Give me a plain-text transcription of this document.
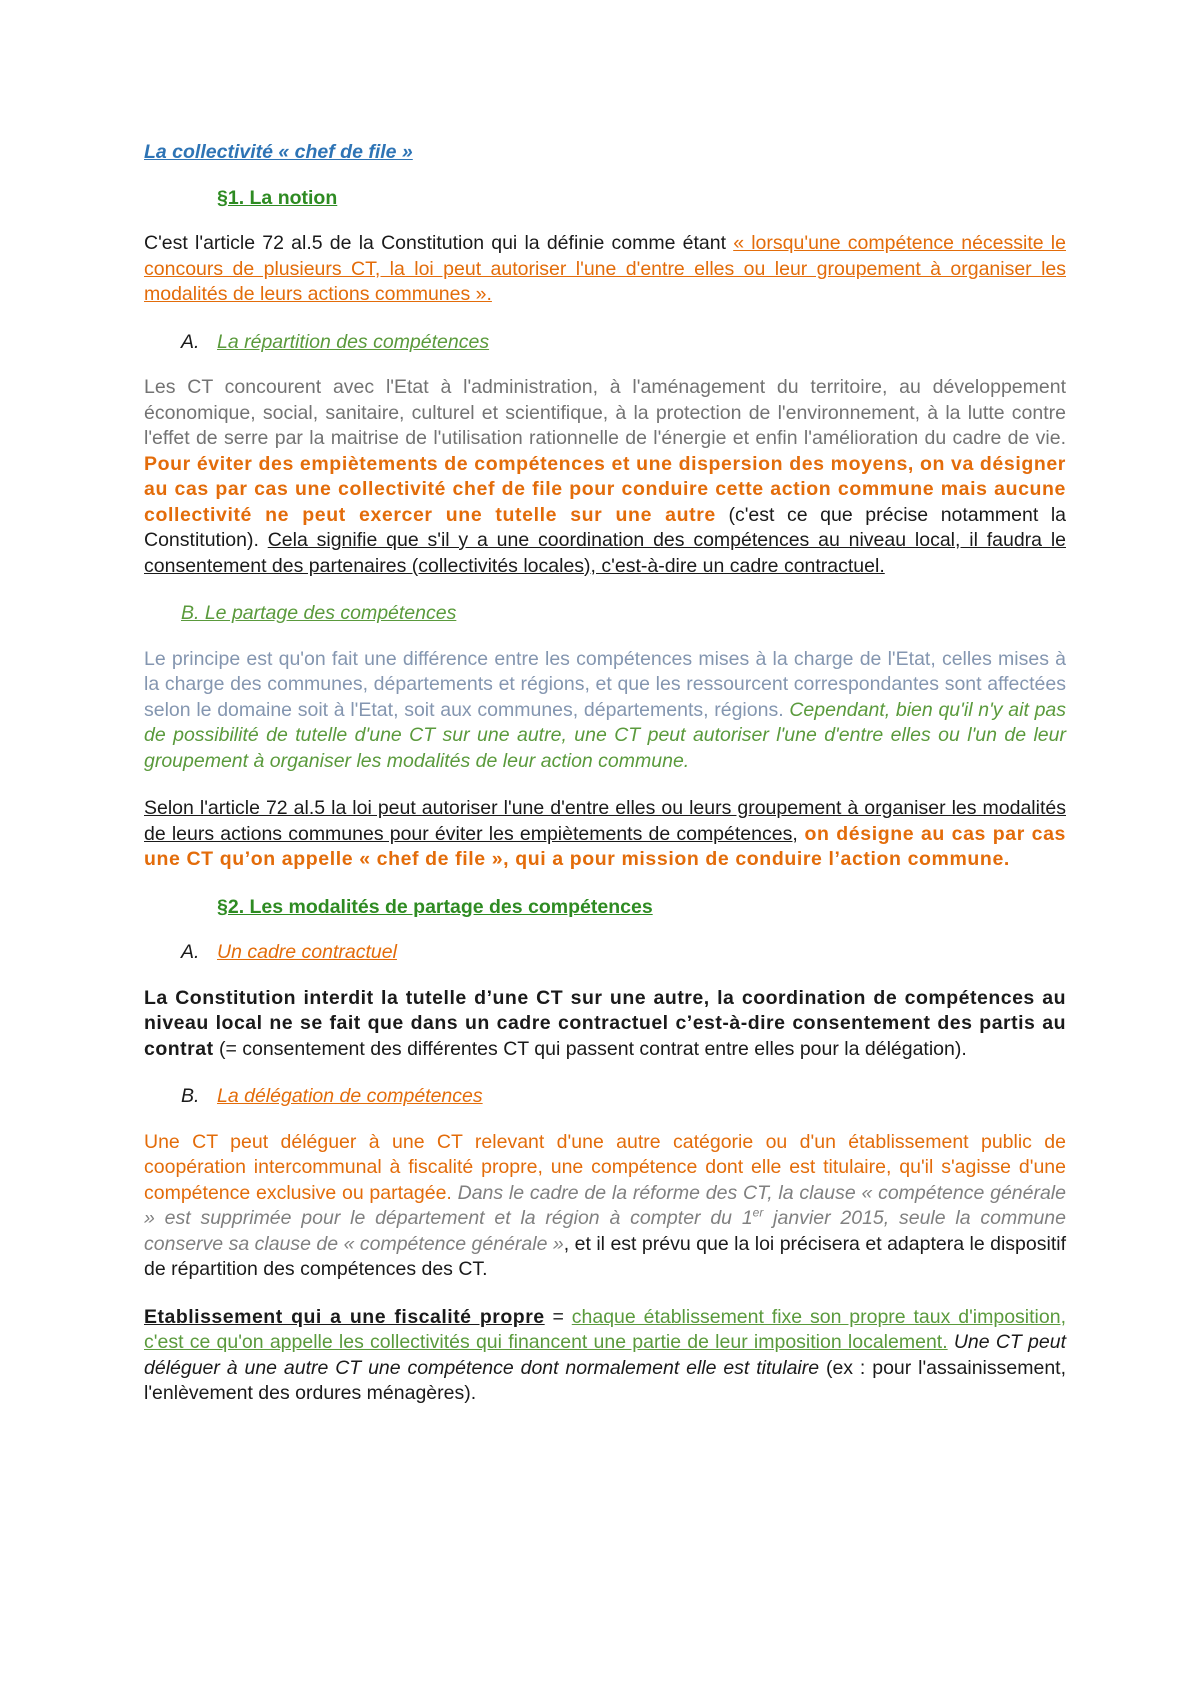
La collectivité « chef de file »

§1. La notion

C'est l'article 72 al.5 de la Constitution qui la définie comme étant « lorsqu'une compétence nécessite le concours de plusieurs CT, la loi peut autoriser l'une d'entre elles ou leur groupement à organiser les modalités de leurs actions communes ».

A. La répartition des compétences

Les CT concourent avec l'Etat à l'administration, à l'aménagement du territoire, au développement économique, social, sanitaire, culturel et scientifique, à la protection de l'environnement, à la lutte contre l'effet de serre par la maitrise de l'utilisation rationnelle de l'énergie et enfin l'amélioration du cadre de vie. Pour éviter des empiètements de compétences et une dispersion des moyens, on va désigner au cas par cas une collectivité chef de file pour conduire cette action commune mais aucune collectivité ne peut exercer une tutelle sur une autre (c'est ce que précise notamment la Constitution). Cela signifie que s'il y a une coordination des compétences au niveau local, il faudra le consentement des partenaires (collectivités locales), c'est-à-dire un cadre contractuel.

B. Le partage des compétences

Le principe est qu'on fait une différence entre les compétences mises à la charge de l'Etat, celles mises à la charge des communes, départements et régions, et que les ressourcent correspondantes sont affectées selon le domaine soit à l'Etat, soit aux communes, départements, régions. Cependant, bien qu'il n'y ait pas de possibilité de tutelle d'une CT sur une autre, une CT peut autoriser l'une d'entre elles ou l'un de leur groupement à organiser les modalités de leur action commune.

Selon l'article 72 al.5 la loi peut autoriser l'une d'entre elles ou leurs groupement à organiser les modalités de leurs actions communes pour éviter les empiètements de compétences, on désigne au cas par cas une CT qu’on appelle « chef de file », qui a pour mission de conduire l’action commune.

§2. Les modalités de partage des compétences

A. Un cadre contractuel

La Constitution interdit la tutelle d’une CT sur une autre, la coordination de compétences au niveau local ne se fait que dans un cadre contractuel c’est-à-dire consentement des partis au contrat (= consentement des différentes CT qui passent contrat entre elles pour la délégation).

B. La délégation de compétences

Une CT peut déléguer à une CT relevant d'une autre catégorie ou d'un établissement public de coopération intercommunal à fiscalité propre, une compétence dont elle est titulaire, qu'il s'agisse d'une compétence exclusive ou partagée. Dans le cadre de la réforme des CT, la clause « compétence générale » est supprimée pour le département et la région à compter du 1er janvier 2015, seule la commune conserve sa clause de « compétence générale », et il est prévu que la loi précisera et adaptera le dispositif de répartition des compétences des CT.

Etablissement qui a une fiscalité propre = chaque établissement fixe son propre taux d'imposition, c'est ce qu'on appelle les collectivités qui financent une partie de leur imposition localement. Une CT peut déléguer à une autre CT une compétence dont normalement elle est titulaire (ex : pour l'assainissement, l'enlèvement des ordures ménagères).
